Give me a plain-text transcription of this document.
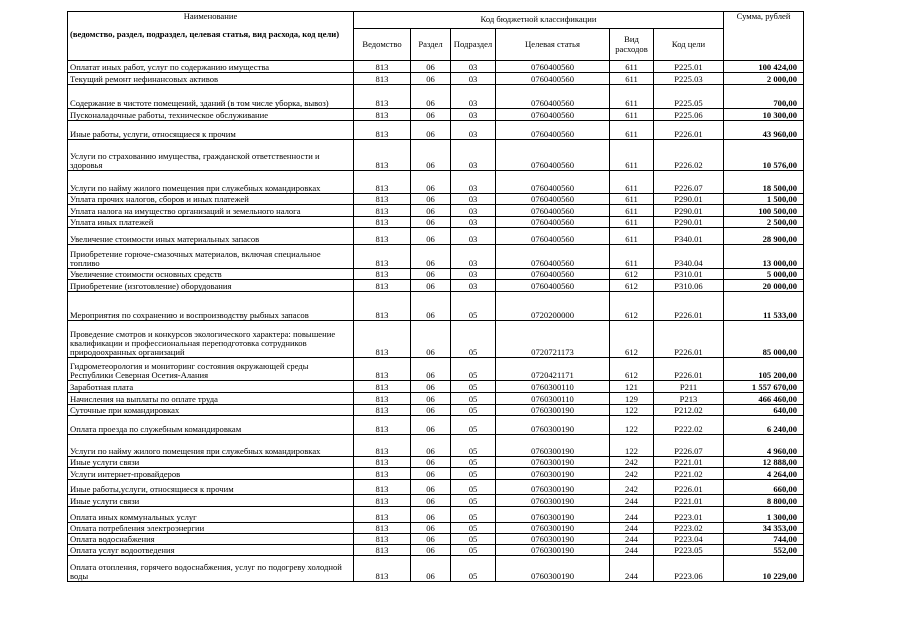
Наименование
(ведомство, раздел, подраздел, целевая статья, вид расхода, код цели)	Код бюджетной классификации						Сумма, рублей
	Ведомство	Раздел	Подраздел	Целевая статья	Вид расходов	Код цели	
Оплатат иных работ, услуг по содержанию имущества	813	06	03	0760400560	611	P225.01	100 424,00
Текущий ремонт нефинансовых активов	813	06	03	0760400560	611	P225.03	2 000,00
Содержание в чистоте помещений, зданий (в том числе уборка, вывоз)	813	06	03	0760400560	611	P225.05	700,00
Пусконаладочные работы, техническое обслуживание	813	06	03	0760400560	611	P225.06	10 300,00
Иные работы, услуги, относящиеся к прочим	813	06	03	0760400560	611	P226.01	43 960,00
Услуги по страхованию имущества, гражданской ответственности и здоровья	813	06	03	0760400560	611	P226.02	10 576,00
Услуги по найму жилого помещения при служебных командировках	813	06	03	0760400560	611	P226.07	18 500,00
Уплата прочих налогов, сборов и иных платежей	813	06	03	0760400560	611	P290.01	1 500,00
Уплата налога на имущество организаций и земельного налога	813	06	03	0760400560	611	P290.01	100 500,00
Уплата иных платежей	813	06	03	0760400560	611	P290.01	2 500,00
Увеличение стоимости иных материальных запасов	813	06	03	0760400560	611	P340.01	28 900,00
Приобретение горюче-смазочных материалов, включая специальное топливо	813	06	03	0760400560	611	P340.04	13 000,00
Увеличение стоимости основных средств	813	06	03	0760400560	612	P310.01	5 000,00
Приобретение (изготовление) оборудования	813	06	03	0760400560	612	P310.06	20 000,00
Мероприятия по сохранению и воспроизводству рыбных запасов	813	06	05	0720200000	612	P226.01	11 533,00
Проведение смотров и конкурсов экологического характера: повышение квалификации и профессиональная переподготовка сотрудников природоохранных организаций	813	06	05	0720721173	612	P226.01	85 000,00
Гидрометеорология и мониторинг состояния окружающей среды Республики Северная Осетия-Алания	813	06	05	0720421171	612	P226.01	105 200,00
Заработная плата	813	06	05	0760300110	121	P211	1 557 670,00
Начисления на выплаты по оплате труда	813	06	05	0760300110	129	P213	466 460,00
Суточные при командировках	813	06	05	0760300190	122	P212.02	640,00
Оплата проезда по служебным командировкам	813	06	05	0760300190	122	P222.02	6 240,00
Услуги по найму жилого помещения при служебных командировках	813	06	05	0760300190	122	P226.07	4 960,00
Иные услуги связи	813	06	05	0760300190	242	P221.01	12 888,00
Услуги интернет-провайдеров	813	06	05	0760300190	242	P221.02	4 264,00
Иные работы,услуги, относящиеся к прочим	813	06	05	0760300190	242	P226.01	660,00
Иные услуги связи	813	06	05	0760300190	244	P221.01	8 800,00
Оплата иных коммунальных услуг	813	06	05	0760300190	244	P223.01	1 300,00
Оплата потребления электроэнергии	813	06	05	0760300190	244	P223.02	34 353,00
Оплата водоснабжения	813	06	05	0760300190	244	P223.04	744,00
Оплата услуг водоотведения	813	06	05	0760300190	244	P223.05	552,00
Оплата отопления, горячего водоснабжения, услуг по подогреву холодной воды	813	06	05	0760300190	244	P223.06	10 229,00
